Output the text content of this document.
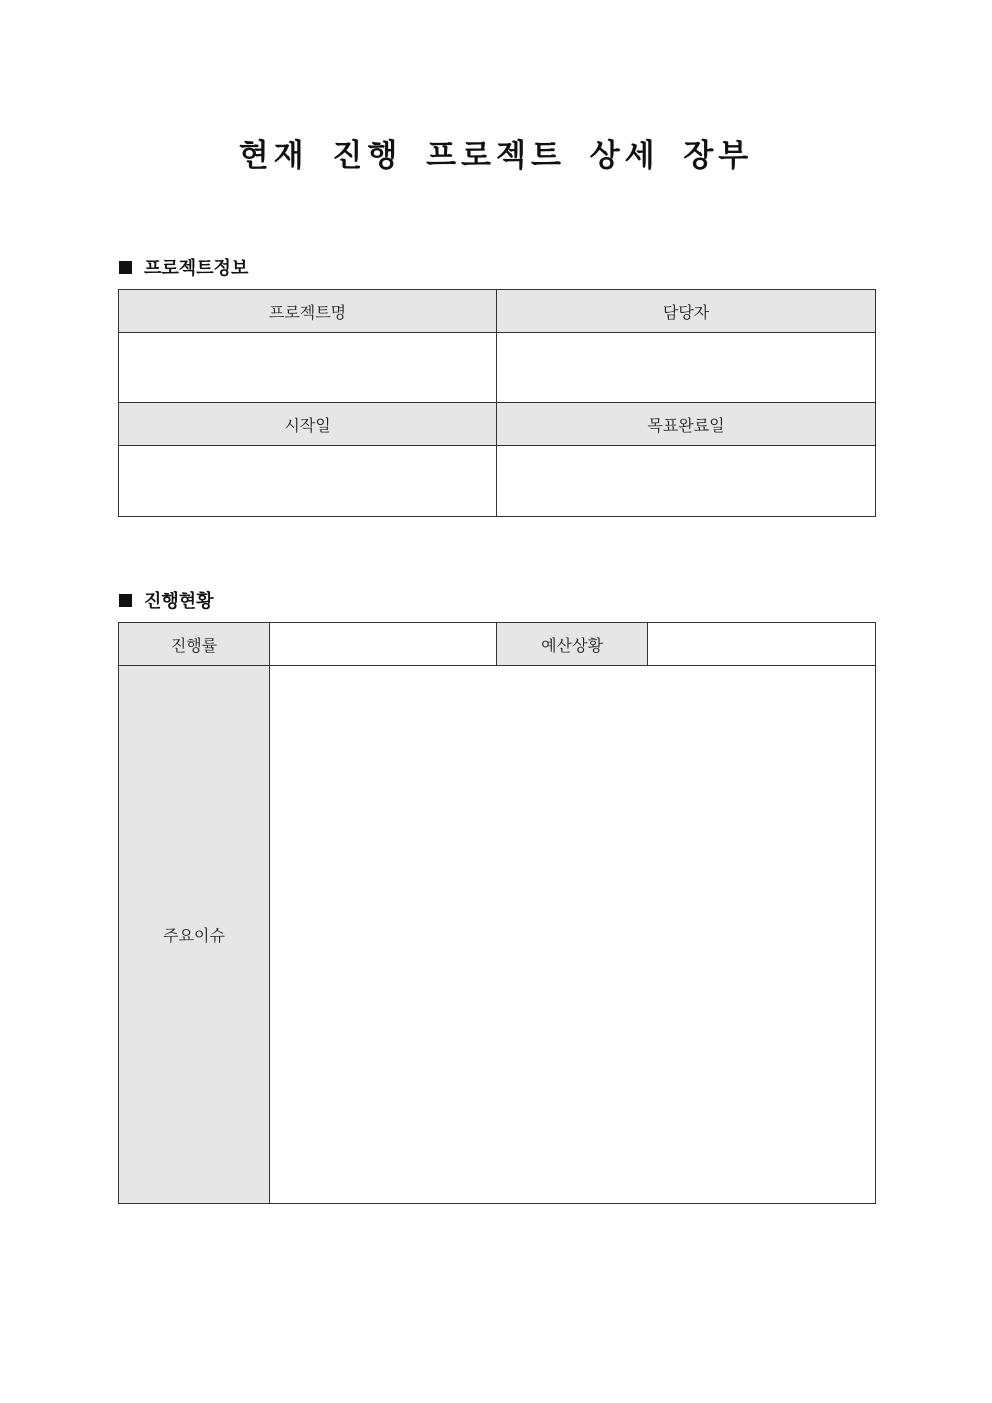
현재 진행 프로젝트 상세 장부
프로젝트정보
프로젝트명	담당자

시작일	목표완료일

진행현황
진행률		예산상황	
주요이슈			
